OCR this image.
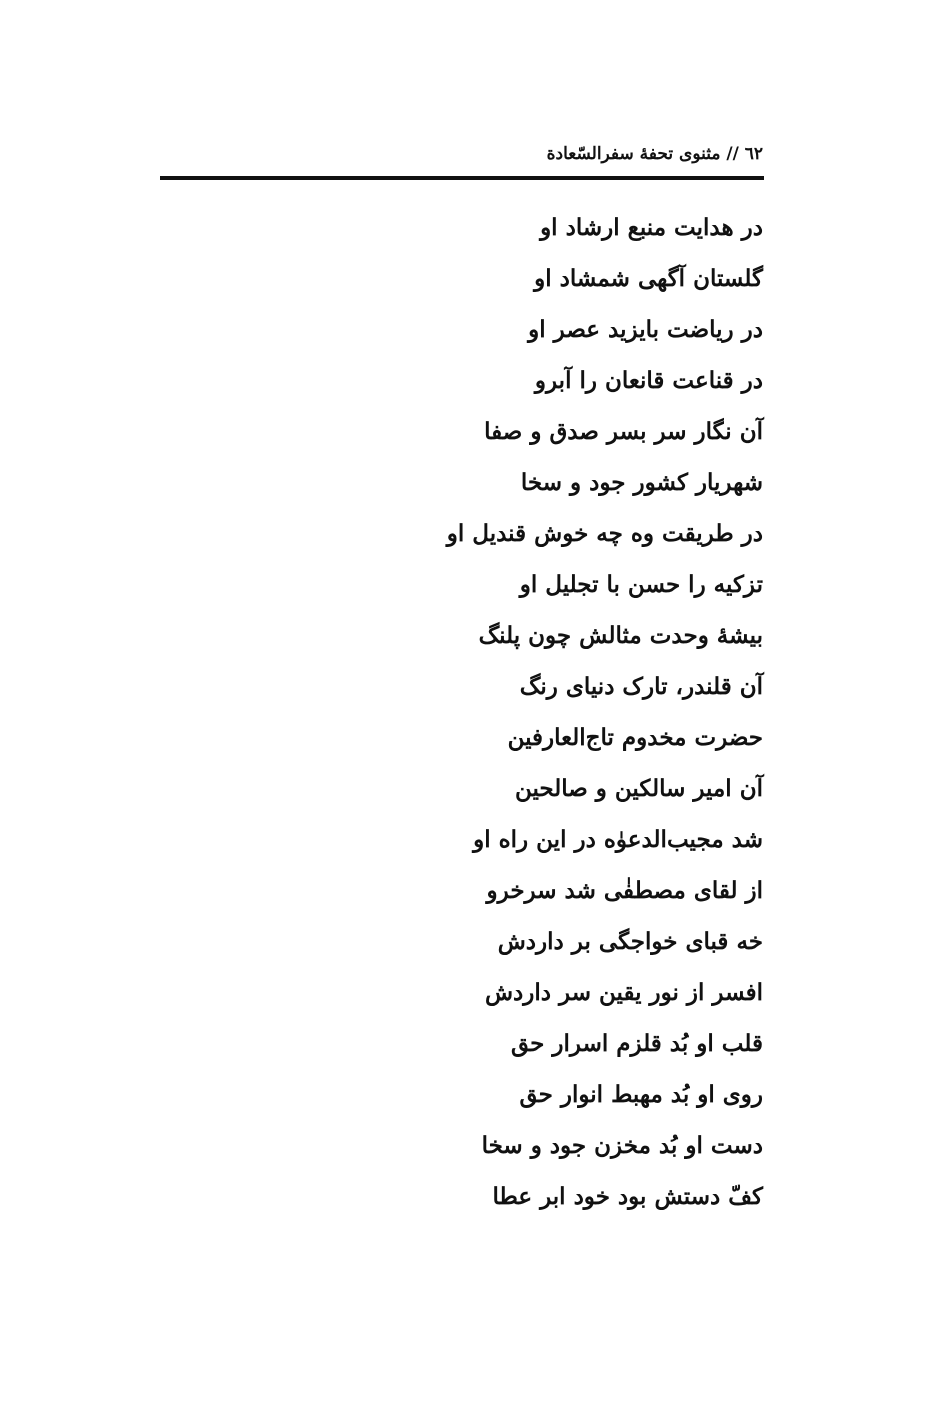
٦٢ // مثنوی تحفۀ سفرالسّعادة
در هدایت منبع ارشاد او
گلستان آگهی شمشاد او
در ریاضت بایزید عصر او
در قناعت قانعان را آبرو
آن نگار سر بسر صدق و صفا
شهریار کشور جود و سخا
در طریقت وه چه خوش قندیل او
تزکیه را حسن با تجلیل او
بیشۀ وحدت مثالش چون پلنگ
آن قلندر، تارک دنیای رنگ
حضرت مخدوم تاج‌العارفین
آن امیر سالکین و صالحین
شد مجیب‌الدعوٰه در این راه او
از لقای مصطفٰی شد سرخرو
خه قبای خواجگی بر داردش
افسر از نور یقین سر داردش
قلب او بُد قلزم اسرار حق
روی او بُد مهبط انوار حق
دست او بُد مخزن جود و سخا
کفّ دستش بود خود ابر عطا
